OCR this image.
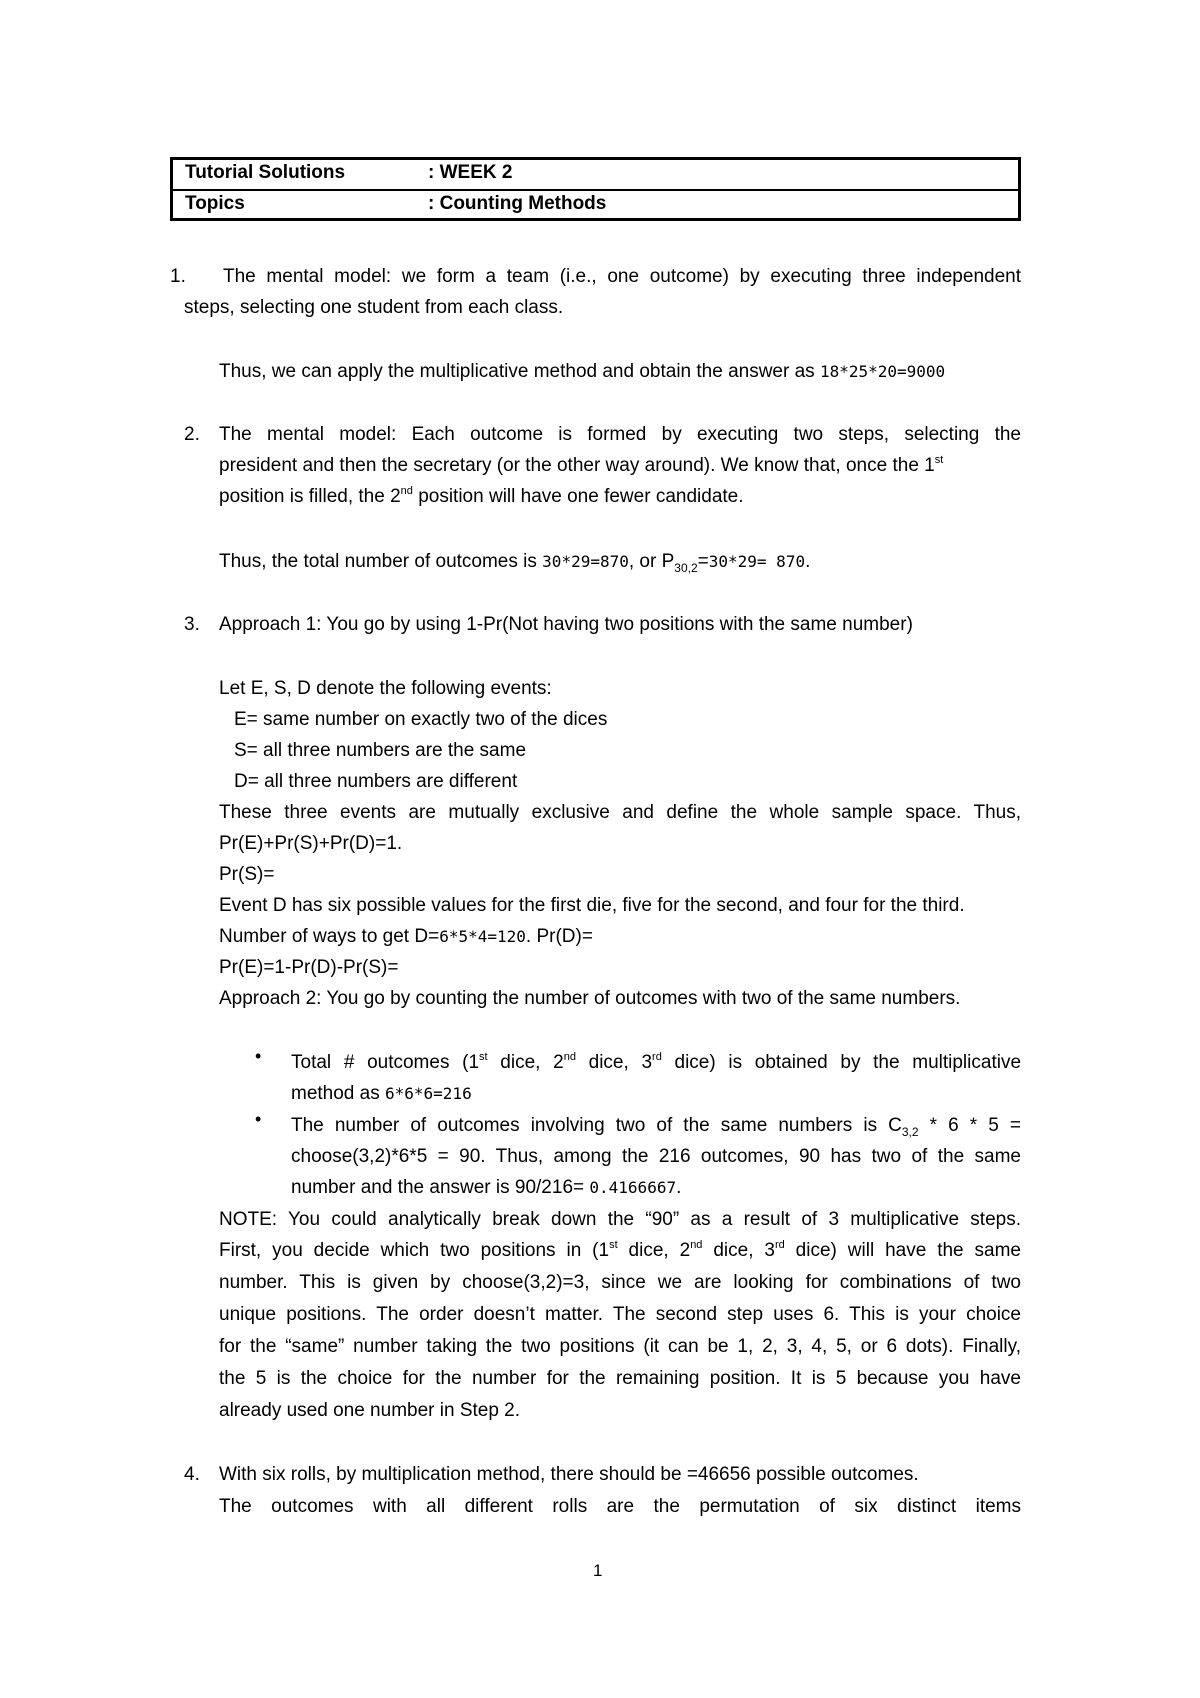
Tutorial Solutions	: WEEK 2
Topics	: Counting Methods
1. The mental model: we form a team (i.e., one outcome) by executing three independent
steps, selecting one student from each class.
Thus, we can apply the multiplicative method and obtain the answer as 18*25*20=9000
2. The mental model: Each outcome is formed by executing two steps, selecting the
president and then the secretary (or the other way around). We know that, once the 1st
position is filled, the 2nd position will have one fewer candidate.
Thus, the total number of outcomes is 30*29=870, or $P_{30,2}=30*29= 870$.
3. Approach 1: You go by using 1-Pr(Not having two positions with the same number)
Let E, S, D denote the following events:
E= same number on exactly two of the dices
S= all three numbers are the same
D= all three numbers are different
These three events are mutually exclusive and define the whole sample space. Thus,
Pr(E)+Pr(S)+Pr(D)=1.
Pr(S)=
Event D has six possible values for the first die, five for the second, and four for the third.
Number of ways to get D=6*5*4=120. Pr(D)=
Pr(E)=1-Pr(D)-Pr(S)=
Approach 2: You go by counting the number of outcomes with two of the same numbers.
• Total # outcomes (1st dice, 2nd dice, 3rd dice) is obtained by the multiplicative
method as 6*6*6=216
• The number of outcomes involving two of the same numbers is $C_{3,2} * 6 * 5$ =
choose(3,2)*6*5 = 90. Thus, among the 216 outcomes, 90 has two of the same
number and the answer is 90/216= 0.4166667.
NOTE: You could analytically break down the “90” as a result of 3 multiplicative steps.
First, you decide which two positions in (1st dice, 2nd dice, 3rd dice) will have the same
number. This is given by choose(3,2)=3, since we are looking for combinations of two
unique positions. The order doesn’t matter. The second step uses 6. This is your choice
for the “same” number taking the two positions (it can be 1, 2, 3, 4, 5, or 6 dots). Finally,
the 5 is the choice for the number for the remaining position. It is 5 because you have
already used one number in Step 2.
4. With six rolls, by multiplication method, there should be =46656 possible outcomes.
The outcomes with all different rolls are the permutation of six distinct items
1
